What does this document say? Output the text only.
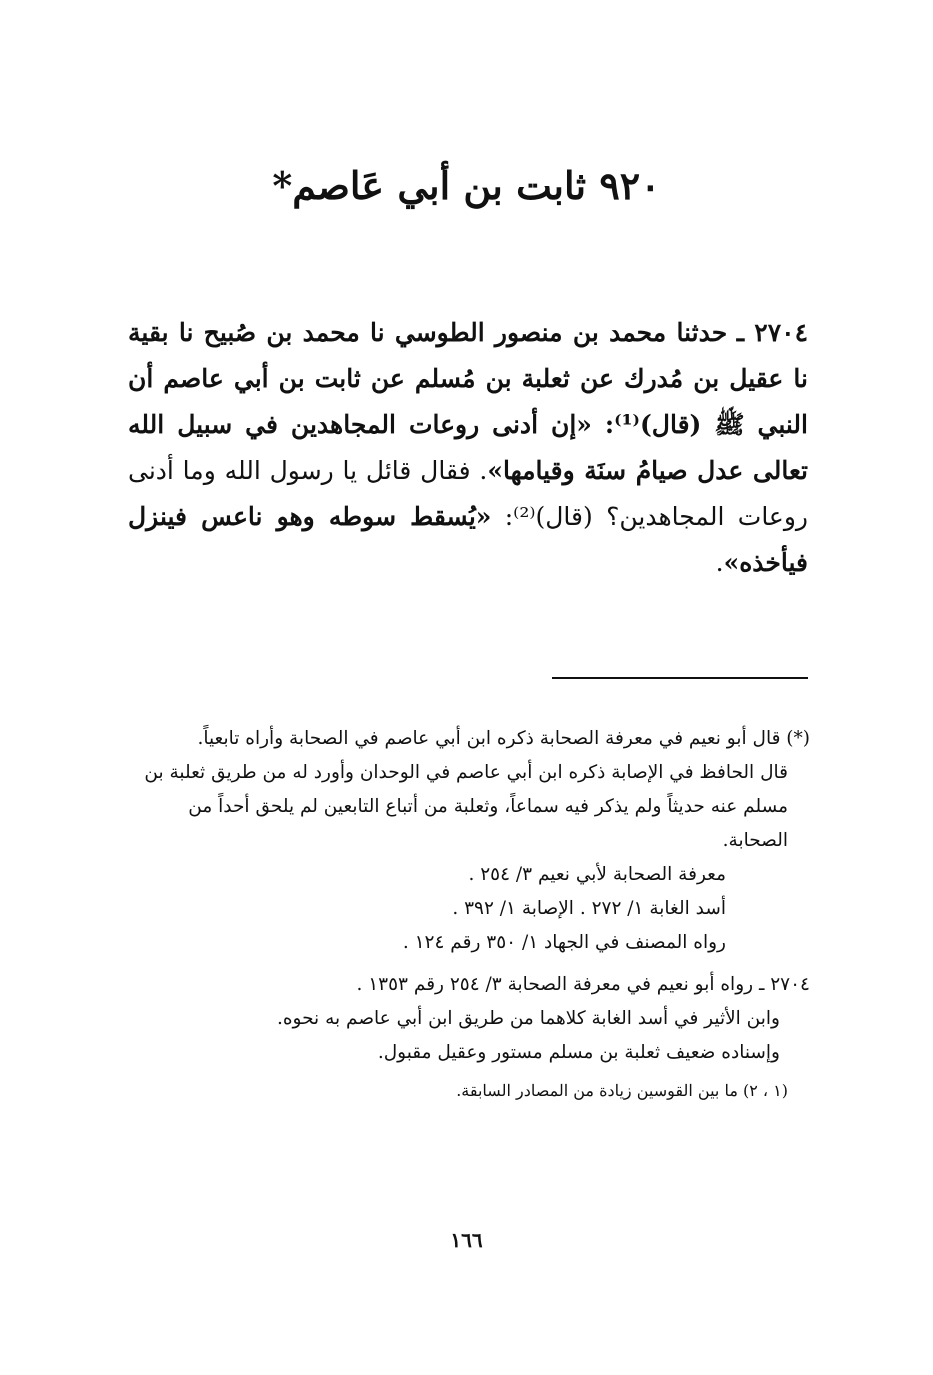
٩٢٠ ثابت بن أبي عَاصم*

٢٧٠٤ ـ حدثنا محمد بن منصور الطوسي نا محمد بن صُبيح نا بقية نا عقيل بن مُدرك عن ثعلبة بن مُسلم عن ثابت بن أبي عاصم أن النبي ﷺ (قال)⁽¹⁾: «إن أدنى روعات المجاهدين في سبيل الله تعالى عدل صيامُ سنَة وقيامها». فقال قائل يا رسول الله وما أدنى روعات المجاهدين؟ (قال)⁽²⁾: «يُسقط سوطه وهو ناعس فينزل فيأخذه».

(*) قال أبو نعيم في معرفة الصحابة ذكره ابن أبي عاصم في الصحابة وأراه تابعياً.

قال الحافظ في الإصابة ذكره ابن أبي عاصم في الوحدان وأورد له من طريق ثعلبة بن مسلم عنه حديثاً ولم يذكر فيه سماعاً، وثعلبة من أتباع التابعين لم يلحق أحداً من الصحابة.

معرفة الصحابة لأبي نعيم ٣/ ٢٥٤ .

أسد الغابة ١/ ٢٧٢ . الإصابة ١/ ٣٩٢ .

رواه المصنف في الجهاد ١/ ٣٥٠ رقم ١٢٤ .

٢٧٠٤ ـ رواه أبو نعيم في معرفة الصحابة ٣/ ٢٥٤ رقم ١٣٥٣ .

وابن الأثير في أسد الغابة كلاهما من طريق ابن أبي عاصم به نحوه.

وإسناده ضعيف ثعلبة بن مسلم مستور وعقيل مقبول.

(١ ، ٢) ما بين القوسين زيادة من المصادر السابقة.

١٦٦
